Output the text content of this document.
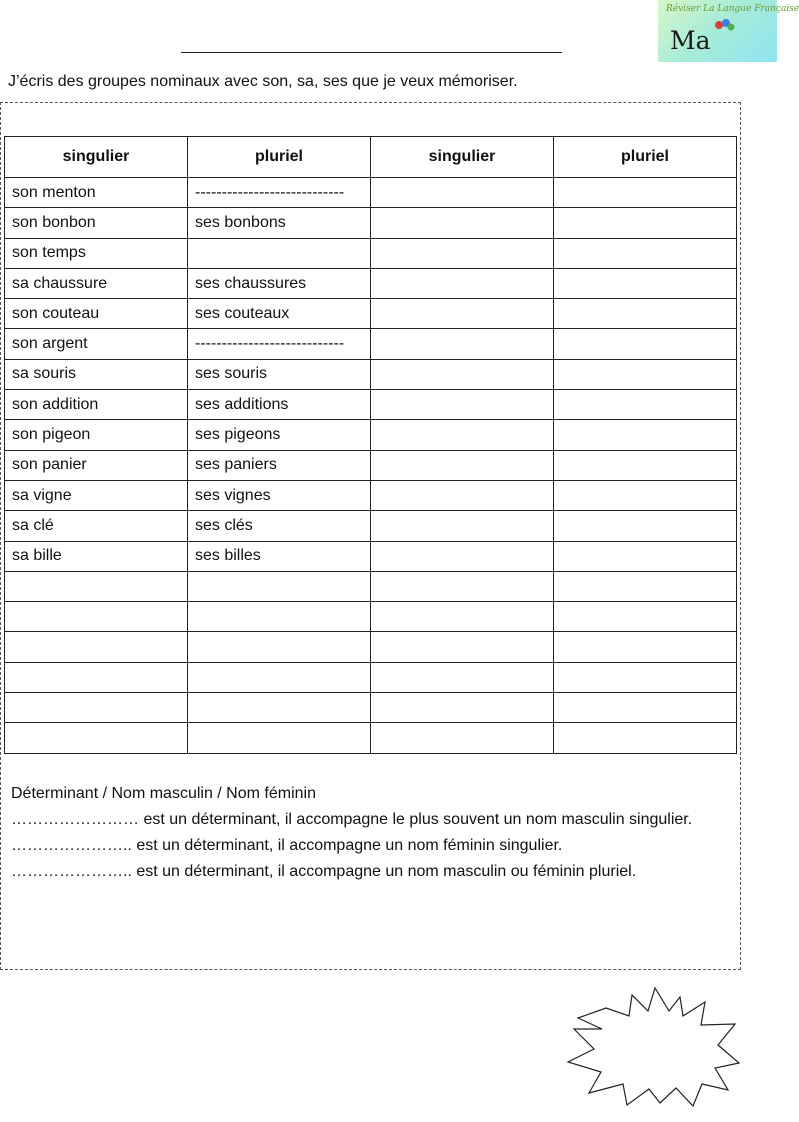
Réviser La Langue Française
Ma
J’écris des groupes nominaux avec son, sa, ses que je veux mémoriser.
singulier	pluriel	singulier	pluriel
son menton	----------------------------		
son bonbon	ses bonbons		
son temps			
sa chaussure	ses chaussures		
son couteau	ses couteaux		
son argent	----------------------------		
sa souris	ses souris		
son addition	ses additions		
son pigeon	ses pigeons		
son panier	ses paniers		
sa vigne	ses vignes		
sa clé	ses clés		
sa bille	ses billes		

Déterminant / Nom masculin / Nom féminin

…………………… est un déterminant, il accompagne le plus souvent un nom masculin singulier.

………………….. est un déterminant, il accompagne un nom féminin singulier.

………………….. est un déterminant, il accompagne un nom masculin ou féminin pluriel.
